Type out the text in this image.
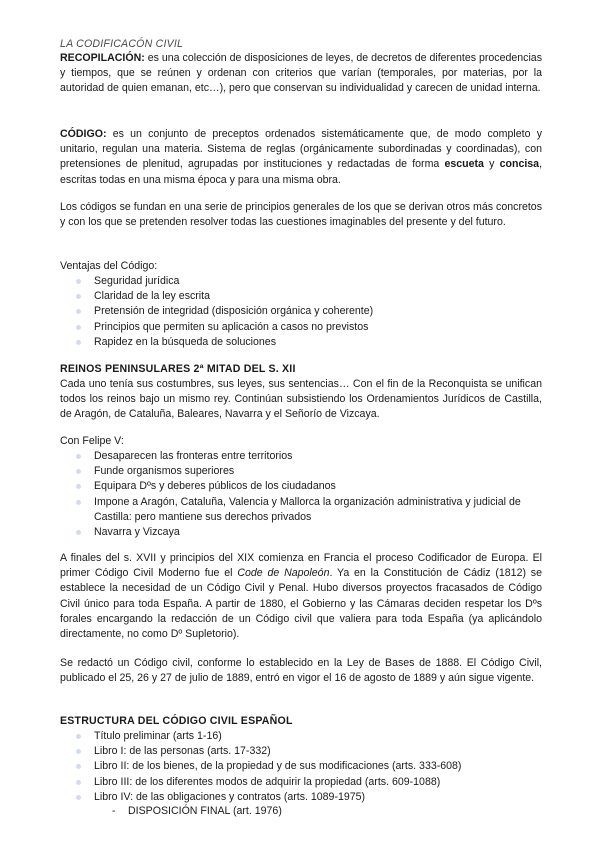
LA CODIFICACÓN CIVIL

RECOPILACIÓN: es una colección de disposiciones de leyes, de decretos de diferentes procedencias y tiempos, que se reúnen y ordenan con criterios que varían (temporales, por materias, por la autoridad de quien emanan, etc…), pero que conservan su individualidad y carecen de unidad interna.

CÓDIGO: es un conjunto de preceptos ordenados sistemáticamente que, de modo completo y unitario, regulan una materia. Sistema de reglas (orgánicamente subordinadas y coordinadas), con pretensiones de plenitud, agrupadas por instituciones y redactadas de forma escueta y concisa, escritas todas en una misma época y para una misma obra.

Los códigos se fundan en una serie de principios generales de los que se derivan otros más concretos y con los que se pretenden resolver todas las cuestiones imaginables del presente y del futuro.

Ventajas del Código:
Seguridad jurídica
Claridad de la ley escrita
Pretensión de integridad (disposición orgánica y coherente)
Principios que permiten su aplicación a casos no previstos
Rapidez en la búsqueda de soluciones
REINOS PENINSULARES 2ª MITAD DEL S. XII

Cada uno tenía sus costumbres, sus leyes, sus sentencias… Con el fin de la Reconquista se unifican todos los reinos bajo un mismo rey. Continúan subsistiendo los Ordenamientos Jurídicos de Castilla, de Aragón, de Cataluña, Baleares, Navarra y el Señorío de Vizcaya.

Con Felipe V:
Desaparecen las fronteras entre territorios
Funde organismos superiores
Equipara Dºs y deberes públicos de los ciudadanos
Impone a Aragón, Cataluña, Valencia y Mallorca la organización administrativa y judicial de Castilla: pero mantiene sus derechos privados
Navarra y Vizcaya

A finales del s. XVII y principios del XIX comienza en Francia el proceso Codificador de Europa. El primer Código Civil Moderno fue el Code de Napoleón. Ya en la Constitución de Cádiz (1812) se establece la necesidad de un Código Civil y Penal. Hubo diversos proyectos fracasados de Código Civil único para toda España. A partir de 1880, el Gobierno y las Cámaras deciden respetar los Dºs forales encargando la redacción de un Código civil que valiera para toda España (ya aplicándolo directamente, no como Dº Supletorio).

Se redactó un Código civil, conforme lo establecido en la Ley de Bases de 1888. El Código Civil, publicado el 25, 26 y 27 de julio de 1889, entró en vigor el 16 de agosto de 1889 y aún sigue vigente.

ESTRUCTURA DEL CÓDIGO CIVIL ESPAÑOL
Título preliminar (arts 1-16)
Libro I: de las personas (arts. 17-332)
Libro II: de los bienes, de la propiedad y de sus modificaciones (arts. 333-608)
Libro III: de los diferentes modos de adquirir la propiedad (arts. 609-1088)
Libro IV: de las obligaciones y contratos (arts. 1089-1975)
- DISPOSICIÓN FINAL (art. 1976)
